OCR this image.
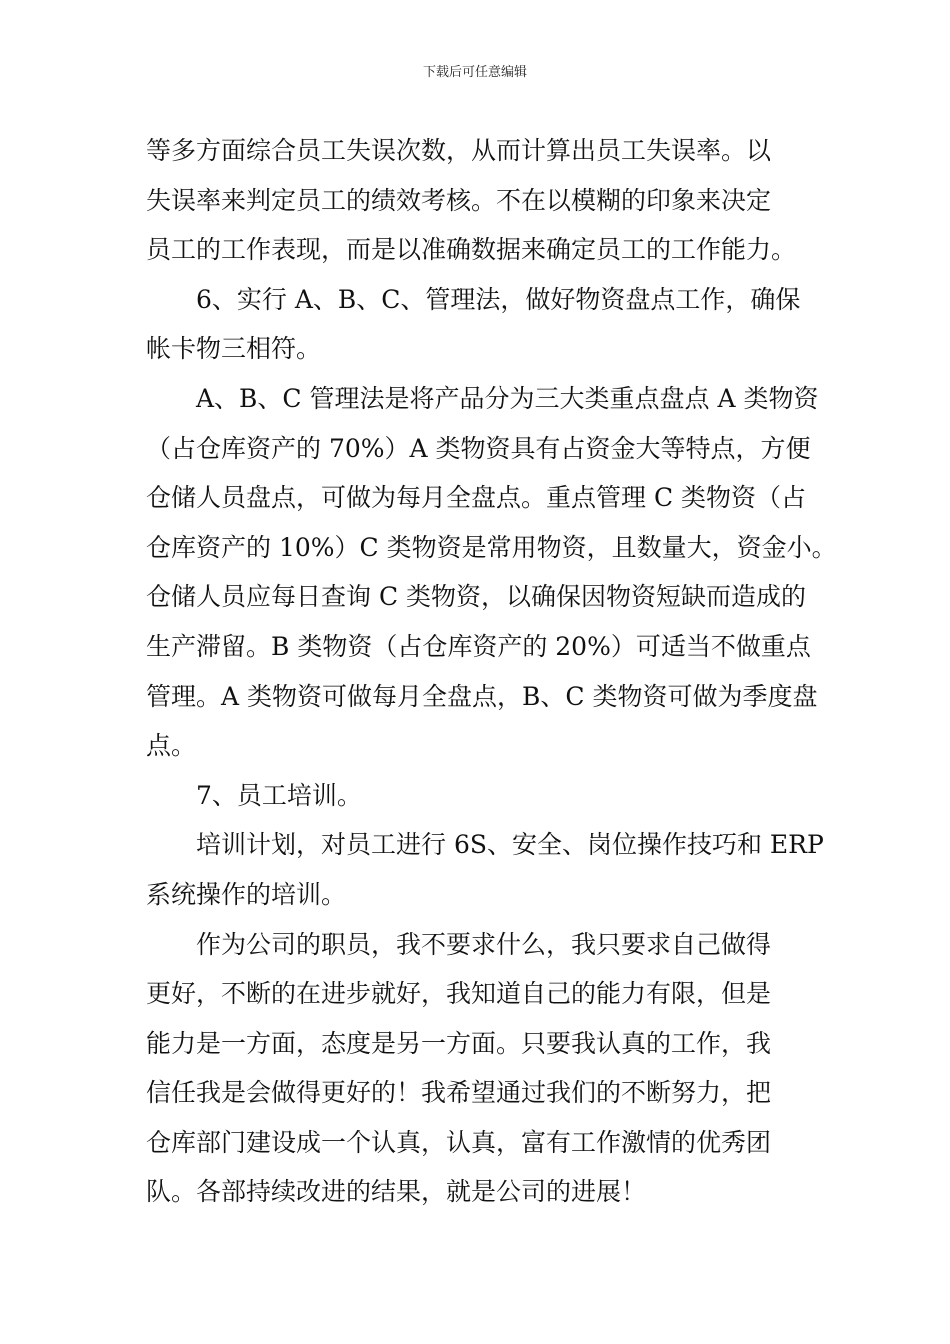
下载后可任意编辑
等多方面综合员工失误次数，从而计算出员工失误率。以
失误率来判定员工的绩效考核。不在以模糊的印象来决定
员工的工作表现，而是以准确数据来确定员工的工作能力。
6、实行 A、B、C、管理法，做好物资盘点工作，确保
帐卡物三相符。
A、B、C 管理法是将产品分为三大类重点盘点 A 类物资
（占仓库资产的 70%）A 类物资具有占资金大等特点，方便
仓储人员盘点，可做为每月全盘点。重点管理 C 类物资（占
仓库资产的 10%）C 类物资是常用物资，且数量大，资金小。
仓储人员应每日查询 C 类物资，以确保因物资短缺而造成的
生产滞留。B 类物资（占仓库资产的 20%）可适当不做重点
管理。A 类物资可做每月全盘点，B、C 类物资可做为季度盘
点。
7、员工培训。
培训计划，对员工进行 6S、安全、岗位操作技巧和 ERP
系统操作的培训。
作为公司的职员，我不要求什么，我只要求自己做得
更好，不断的在进步就好，我知道自己的能力有限，但是
能力是一方面，态度是另一方面。只要我认真的工作，我
信任我是会做得更好的！我希望通过我们的不断努力，把
仓库部门建设成一个认真，认真，富有工作激情的优秀团
队。各部持续改进的结果，就是公司的进展！
